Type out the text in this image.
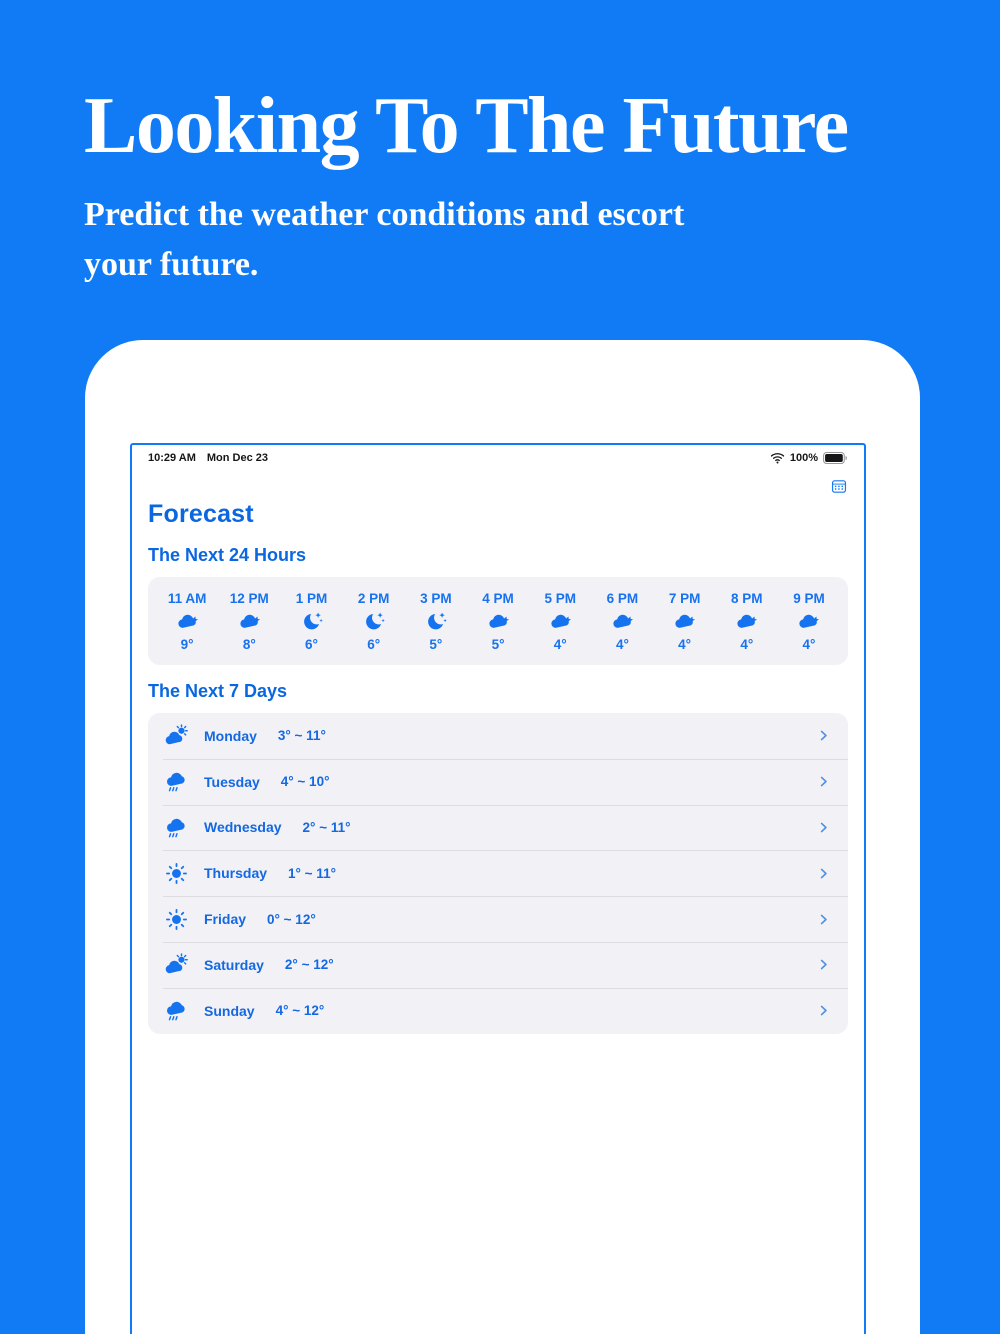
Looking To The Future

Predict the weather conditions and escort
your future.

10:29 AM Mon Dec 23	100%
Forecast
The Next 24 Hours
11 AM
9°
12 PM
8°
1 PM
6°
2 PM
6°
3 PM
5°
4 PM
5°
5 PM
4°
6 PM
4°
7 PM
4°
8 PM
4°
9 PM
4°
The Next 7 Days
Monday 3° ~ 11°
Tuesday 4° ~ 10°
Wednesday 2° ~ 11°
Thursday 1° ~ 11°
Friday 0° ~ 12°
Saturday 2° ~ 12°
Sunday 4° ~ 12°
